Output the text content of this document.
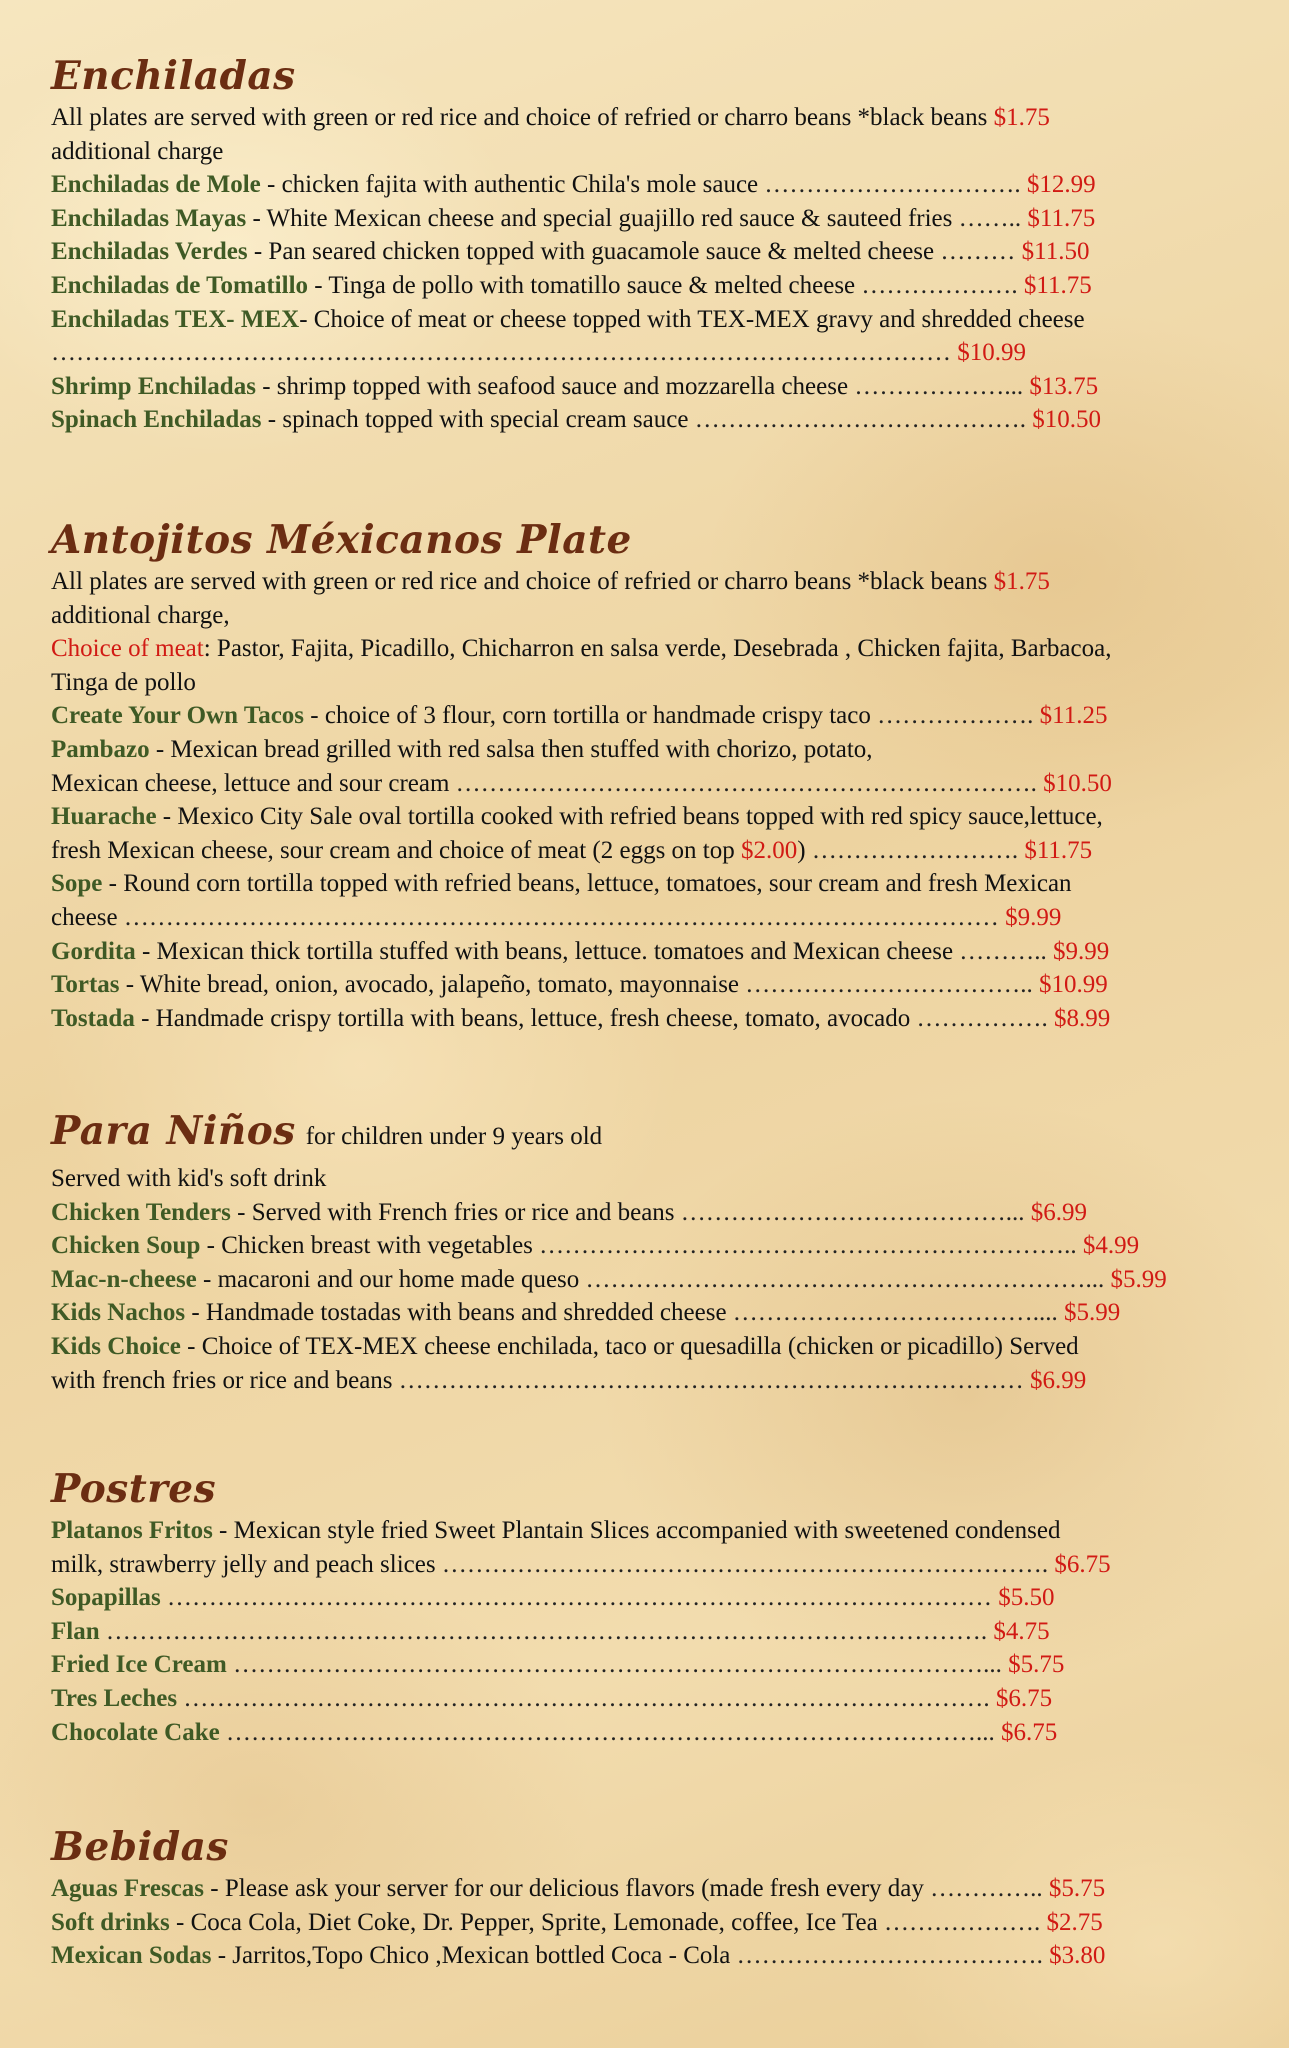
Enchiladas
All plates are served with green or red rice and choice of refried or charro beans *black beans $1.75
additional charge
Enchiladas de Mole - chicken fajita with authentic Chila's mole sauce …………………………. $12.99
Enchiladas Mayas - White Mexican cheese and special guajillo red sauce & sauteed fries …….. $11.75
Enchiladas Verdes - Pan seared chicken topped with guacamole sauce & melted cheese ……… $11.50
Enchiladas de Tomatillo - Tinga de pollo with tomatillo sauce & melted cheese ………………. $11.75
Enchiladas TEX- MEX- Choice of meat or cheese topped with TEX-MEX gravy and shredded cheese
……………………………………………………………………………………………… $10.99
Shrimp Enchiladas - shrimp topped with seafood sauce and mozzarella cheese ………………... $13.75
Spinach Enchiladas - spinach topped with special cream sauce …………………………………. $10.50
Antojitos Méxicanos Plate
All plates are served with green or red rice and choice of refried or charro beans *black beans $1.75
additional charge,
Choice of meat: Pastor, Fajita, Picadillo, Chicharron en salsa verde, Desebrada , Chicken fajita, Barbacoa,
Tinga de pollo
Create Your Own Tacos - choice of 3 flour, corn tortilla or handmade crispy taco ………………. $11.25
Pambazo - Mexican bread grilled with red salsa then stuffed with chorizo, potato,
Mexican cheese, lettuce and sour cream ……………………………………………………………. $10.50
Huarache - Mexico City Sale oval tortilla cooked with refried beans topped with red spicy sauce,lettuce,
fresh Mexican cheese, sour cream and choice of meat (2 eggs on top $2.00) ……………………. $11.75
Sope - Round corn tortilla topped with refried beans, lettuce, tomatoes, sour cream and fresh Mexican
cheese …………………………………………………………………………………………… $9.99
Gordita - Mexican thick tortilla stuffed with beans, lettuce. tomatoes and Mexican cheese ……….. $9.99
Tortas - White bread, onion, avocado, jalapeño, tomato, mayonnaise …………………………….. $10.99
Tostada - Handmade crispy tortilla with beans, lettuce, fresh cheese, tomato, avocado ……………. $8.99
Para Niños for children under 9 years old
Served with kid's soft drink
Chicken Tenders - Served with French fries or rice and beans …………………………………... $6.99
Chicken Soup - Chicken breast with vegetables ……………………………………………………….. $4.99
Mac-n-cheese - macaroni and our home made queso ……………………………………………………... $5.99
Kids Nachos - Handmade tostadas with beans and shredded cheese ……………………………….... $5.99
Kids Choice - Choice of TEX-MEX cheese enchilada, taco or quesadilla (chicken or picadillo) Served
with french fries or rice and beans ………………………………………………………………… $6.99
Postres
Platanos Fritos - Mexican style fried Sweet Plantain Slices accompanied with sweetened condensed
milk, strawberry jelly and peach slices ………………………………………………………………. $6.75
Sopapillas ……………………………………………………………………………………… $5.50
Flan ……………………………………………………………………………………………. $4.75
Fried Ice Cream ………………………………………………………………………………... $5.75
Tres Leches ……………………………………………………………………………………. $6.75
Chocolate Cake ………………………………………………………………………………... $6.75
Bebidas
Aguas Frescas - Please ask your server for our delicious flavors (made fresh every day ………….. $5.75
Soft drinks - Coca Cola, Diet Coke, Dr. Pepper, Sprite, Lemonade, coffee, Ice Tea ………………. $2.75
Mexican Sodas - Jarritos,Topo Chico ,Mexican bottled Coca - Cola ………………………………. $3.80
